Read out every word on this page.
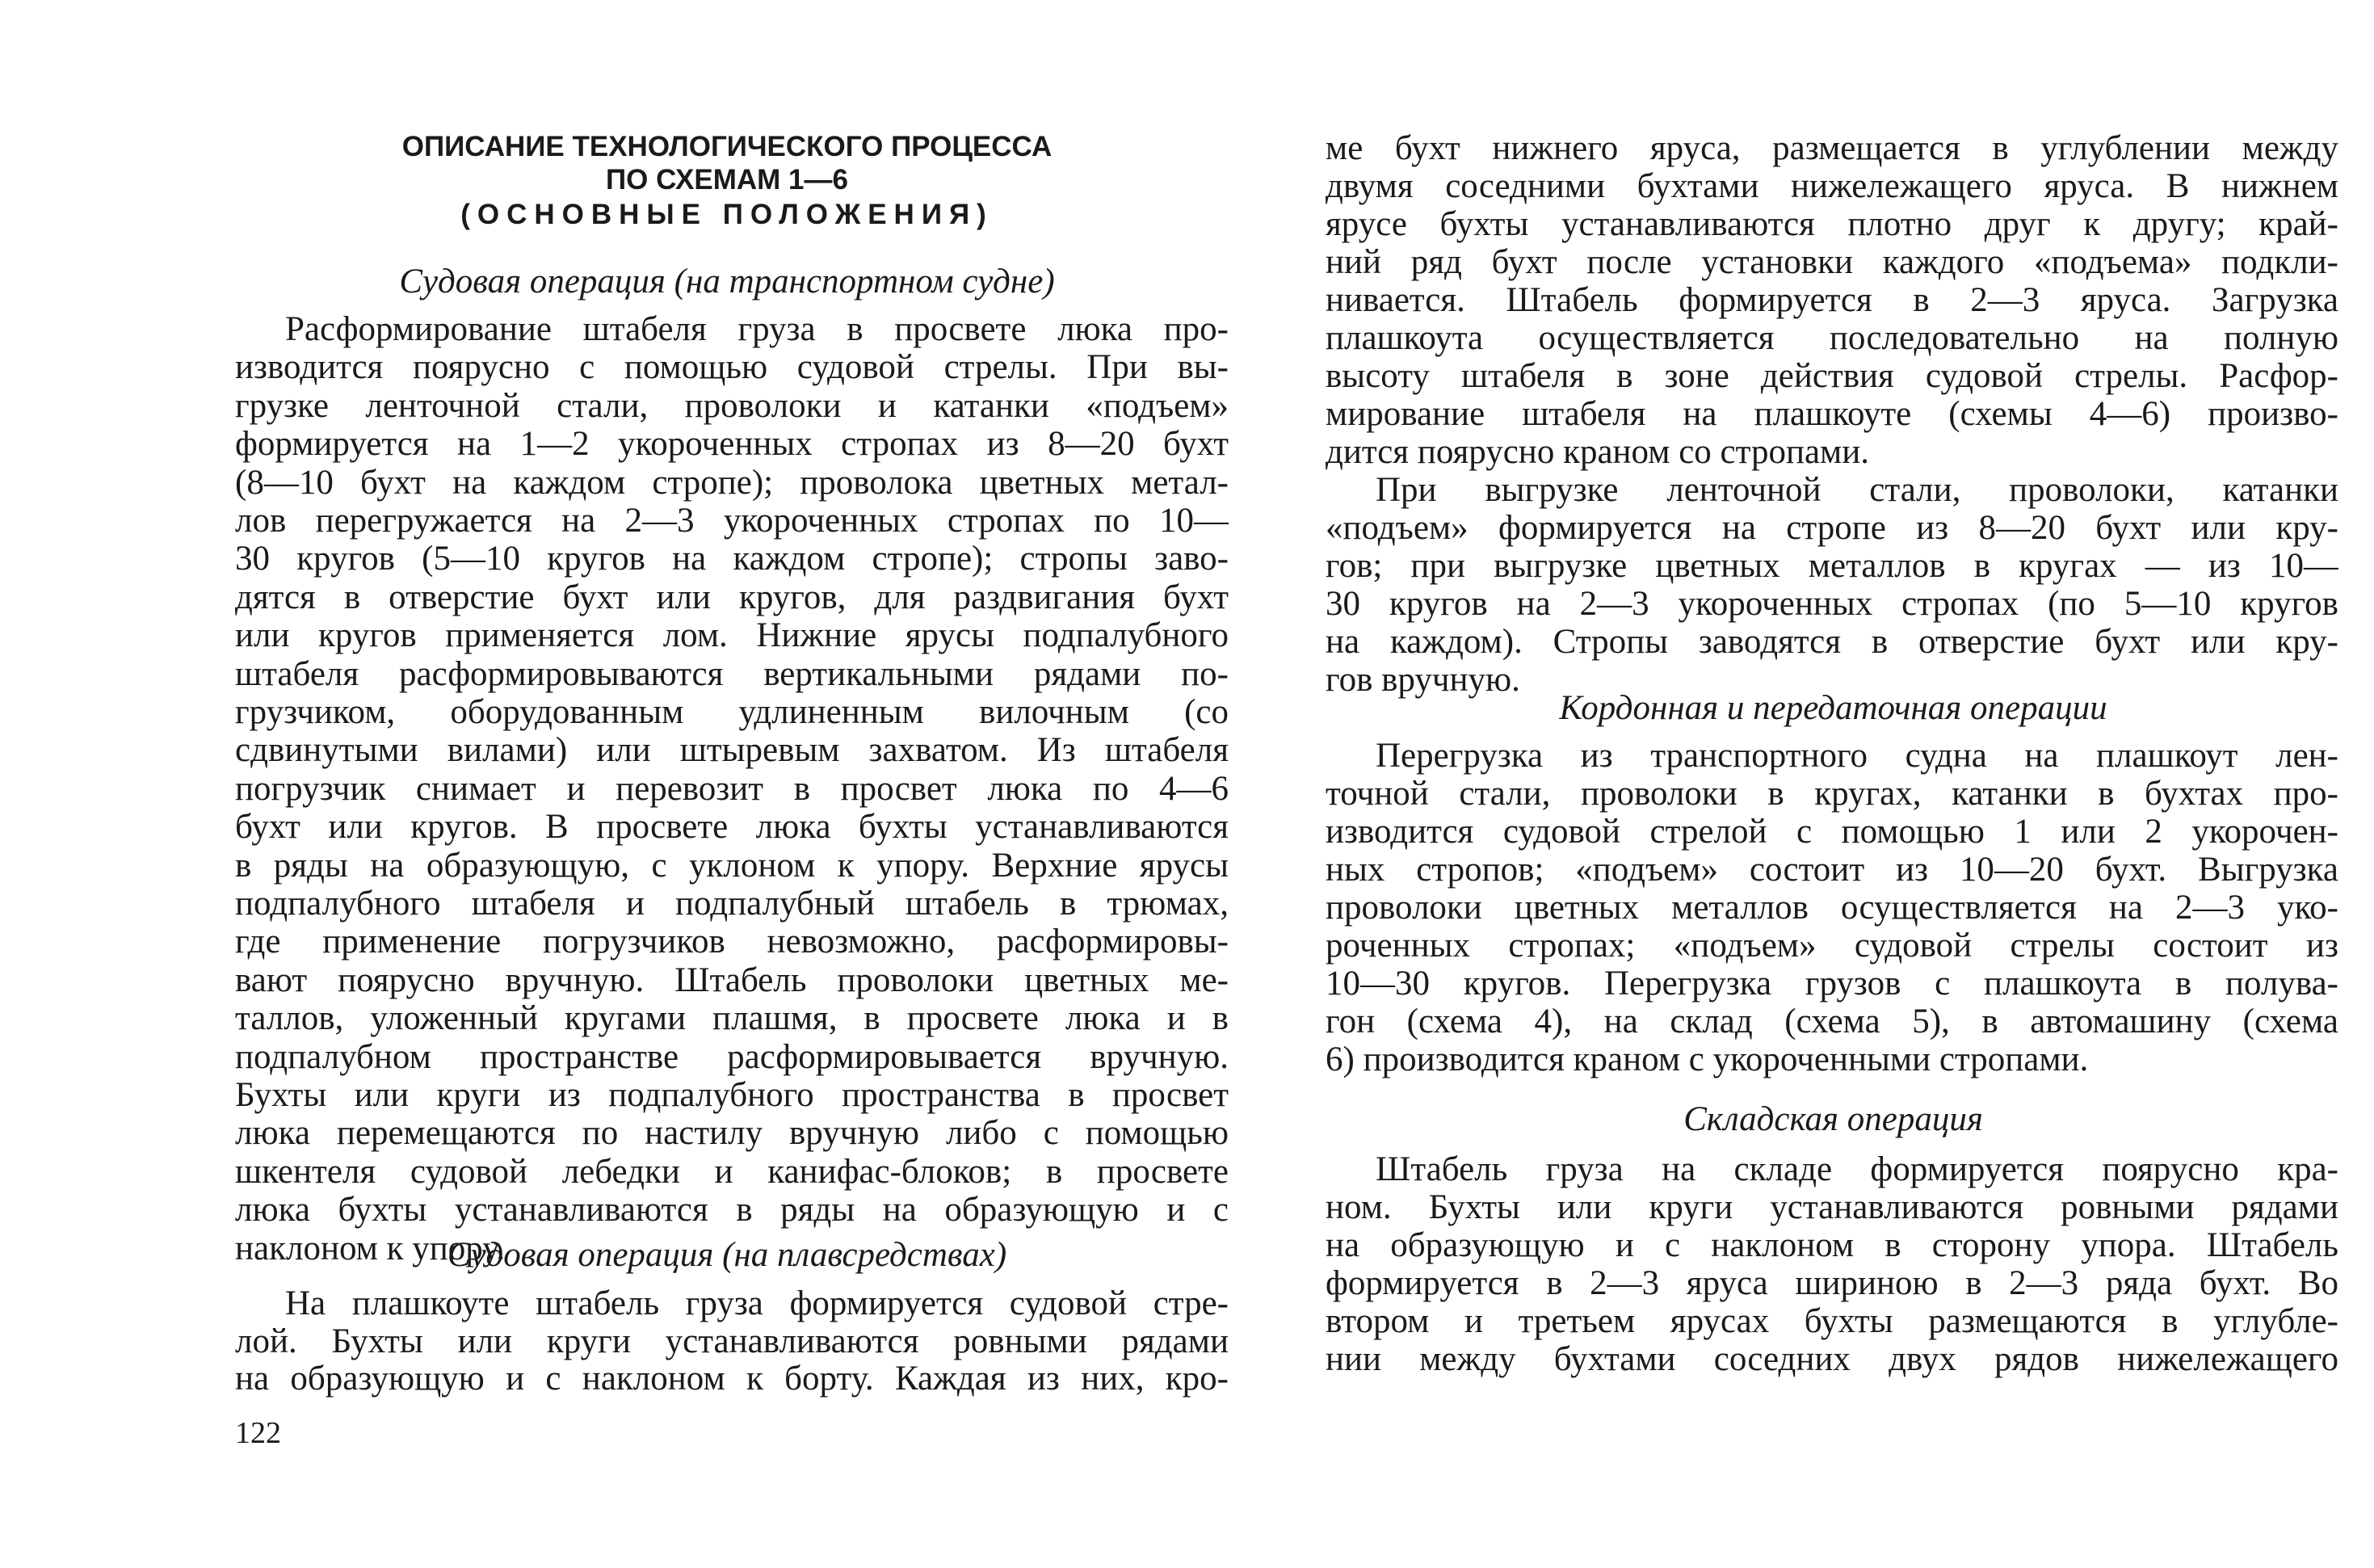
ОПИСАНИЕ ТЕХНОЛОГИЧЕСКОГО ПРОЦЕССА
ПО СХЕМАМ 1—6
(ОСНОВНЫЕ ПОЛОЖЕНИЯ)
Судовая операция (на транспортном судне)
Расформирование штабеля груза в просвете люка про-
изводится поярусно с помощью судовой стрелы. При вы-
грузке ленточной стали, проволоки и катанки «подъем»
формируется на 1—2 укороченных стропах из 8—20 бухт
(8—10 бухт на каждом стропе); проволока цветных метал-
лов перегружается на 2—3 укороченных стропах по 10—
30 кругов (5—10 кругов на каждом стропе); стропы заво-
дятся в отверстие бухт или кругов, для раздвигания бухт
или кругов применяется лом. Нижние ярусы подпалубного
штабеля расформировываются вертикальными рядами по-
грузчиком, оборудованным удлиненным вилочным (со
сдвинутыми вилами) или штыревым захватом. Из штабеля
погрузчик снимает и перевозит в просвет люка по 4—6
бухт или кругов. В просвете люка бухты устанавливаются
в ряды на образующую, с уклоном к упору. Верхние ярусы
подпалубного штабеля и подпалубный штабель в трюмах,
где применение погрузчиков невозможно, расформировы-
вают поярусно вручную. Штабель проволоки цветных ме-
таллов, уложенный кругами плашмя, в просвете люка и в
подпалубном пространстве расформировывается вручную.
Бухты или круги из подпалубного пространства в просвет
люка перемещаются по настилу вручную либо с помощью
шкентеля судовой лебедки и канифас-блоков; в просвете
люка бухты устанавливаются в ряды на образующую и с
наклоном к упору.
Судовая операция (на плавсредствах)
На плашкоуте штабель груза формируется судовой стре-
лой. Бухты или круги устанавливаются ровными рядами
на образующую и с наклоном к борту. Каждая из них, кро-
122
ме бухт нижнего яруса, размещается в углублении между
двумя соседними бухтами нижележащего яруса. В нижнем
ярусе бухты устанавливаются плотно друг к другу; край-
ний ряд бухт после установки каждого «подъема» подкли-
нивается. Штабель формируется в 2—3 яруса. Загрузка
плашкоута осуществляется последовательно на полную
высоту штабеля в зоне действия судовой стрелы. Расфор-
мирование штабеля на плашкоуте (схемы 4—6) произво-
дится поярусно краном со стропами.
При выгрузке ленточной стали, проволоки, катанки
«подъем» формируется на стропе из 8—20 бухт или кру-
гов; при выгрузке цветных металлов в кругах — из 10—
30 кругов на 2—3 укороченных стропах (по 5—10 кругов
на каждом). Стропы заводятся в отверстие бухт или кру-
гов вручную.
Кордонная и передаточная операции
Перегрузка из транспортного судна на плашкоут лен-
точной стали, проволоки в кругах, катанки в бухтах про-
изводится судовой стрелой с помощью 1 или 2 укорочен-
ных стропов; «подъем» состоит из 10—20 бухт. Выгрузка
проволоки цветных металлов осуществляется на 2—3 уко-
роченных стропах; «подъем» судовой стрелы состоит из
10—30 кругов. Перегрузка грузов с плашкоута в полува-
гон (схема 4), на склад (схема 5), в автомашину (схема
6) производится краном с укороченными стропами.
Складская операция
Штабель груза на складе формируется поярусно кра-
ном. Бухты или круги устанавливаются ровными рядами
на образующую и с наклоном в сторону упора. Штабель
формируется в 2—3 яруса шириною в 2—3 ряда бухт. Во
втором и третьем ярусах бухты размещаются в углубле-
нии между бухтами соседних двух рядов нижележащего
